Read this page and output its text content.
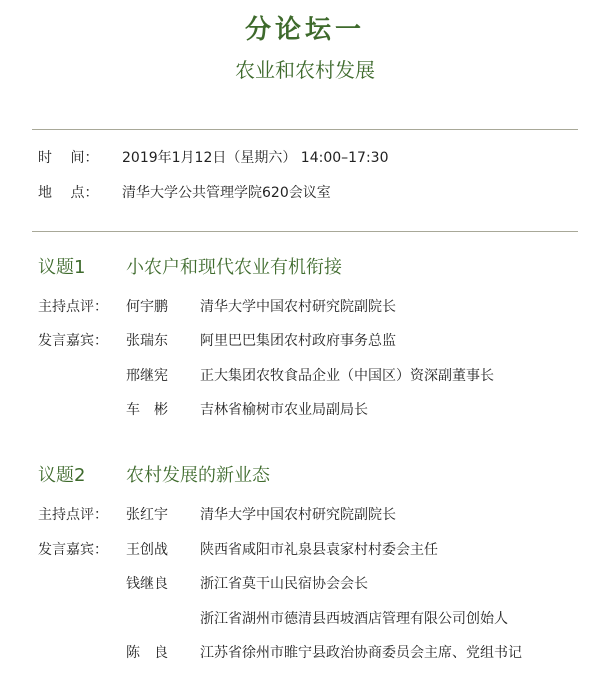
分论坛一
农业和农村发展
时　 间：	2019年1月12日（星期六） 14:00–17:30
地　 点：	清华大学公共管理学院620会议室
议题1 小农户和现代农业有机衔接
主持点评： 何宇鹏 清华大学中国农村研究院副院长
发言嘉宾： 张瑞东 阿里巴巴集团农村政府事务总监
邢继宪 正大集团农牧食品企业（中国区）资深副董事长
车　彬 吉林省榆树市农业局副局长
议题2 农村发展的新业态
主持点评： 张红宇 清华大学中国农村研究院副院长
发言嘉宾： 王创战 陕西省咸阳市礼泉县袁家村村委会主任
钱继良 浙江省莫干山民宿协会会长
浙江省湖州市德清县西坡酒店管理有限公司创始人
陈　良 江苏省徐州市睢宁县政治协商委员会主席、党组书记
